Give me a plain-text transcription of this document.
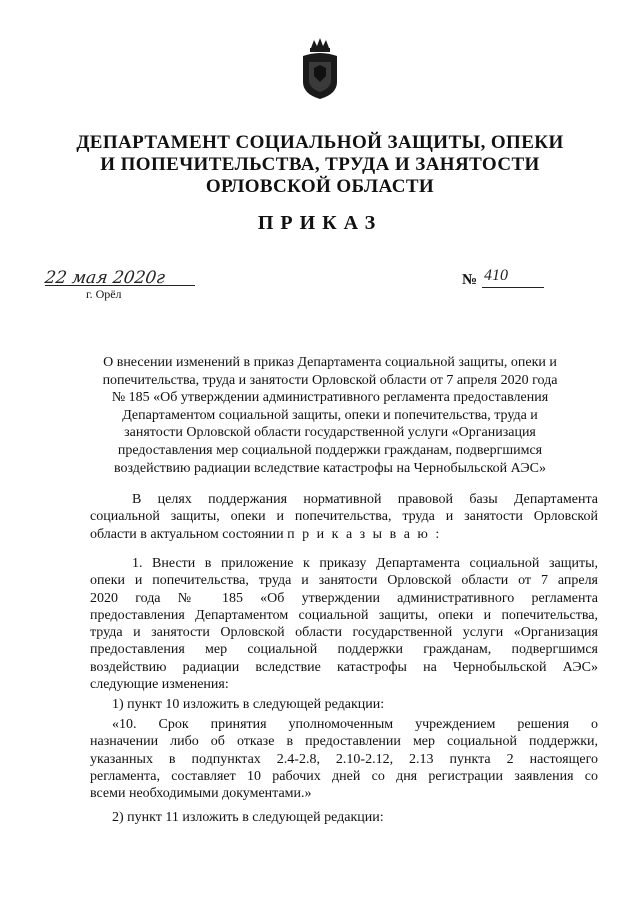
ДЕПАРТАМЕНТ СОЦИАЛЬНОЙ ЗАЩИТЫ, ОПЕКИ
И ПОПЕЧИТЕЛЬСТВА, ТРУДА И ЗАНЯТОСТИ
ОРЛОВСКОЙ ОБЛАСТИ
ПРИКАЗ
22 мая 2020г
г. Орёл
№ 410
О внесении изменений в приказ Департамента социальной защиты, опеки и
попечительства, труда и занятости Орловской области от 7 апреля 2020 года
№ 185 «Об утверждении административного регламента предоставления
Департаментом социальной защиты, опеки и попечительства, труда и
занятости Орловской области государственной услуги «Организация
предоставления мер социальной поддержки гражданам, подвергшимся
воздействию радиации вследствие катастрофы на Чернобыльской АЭС»
В целях поддержания нормативной правовой базы Департамента
социальной защиты, опеки и попечительства, труда и занятости Орловской
области в актуальном состоянии п р и к а з ы в а ю :
1. Внести в приложение к приказу Департамента социальной защиты,
опеки и попечительства, труда и занятости Орловской области от 7 апреля
2020 года № 185 «Об утверждении административного регламента
предоставления Департаментом социальной защиты, опеки и попечительства,
труда и занятости Орловской области государственной услуги «Организация
предоставления мер социальной поддержки гражданам, подвергшимся
воздействию радиации вследствие катастрофы на Чернобыльской АЭС»
следующие изменения:
1) пункт 10 изложить в следующей редакции:
«10. Срок принятия уполномоченным учреждением решения о
назначении либо об отказе в предоставлении мер социальной поддержки,
указанных в подпунктах 2.4-2.8, 2.10-2.12, 2.13 пункта 2 настоящего
регламента, составляет 10 рабочих дней со дня регистрации заявления со
всеми необходимыми документами.»
2) пункт 11 изложить в следующей редакции:
